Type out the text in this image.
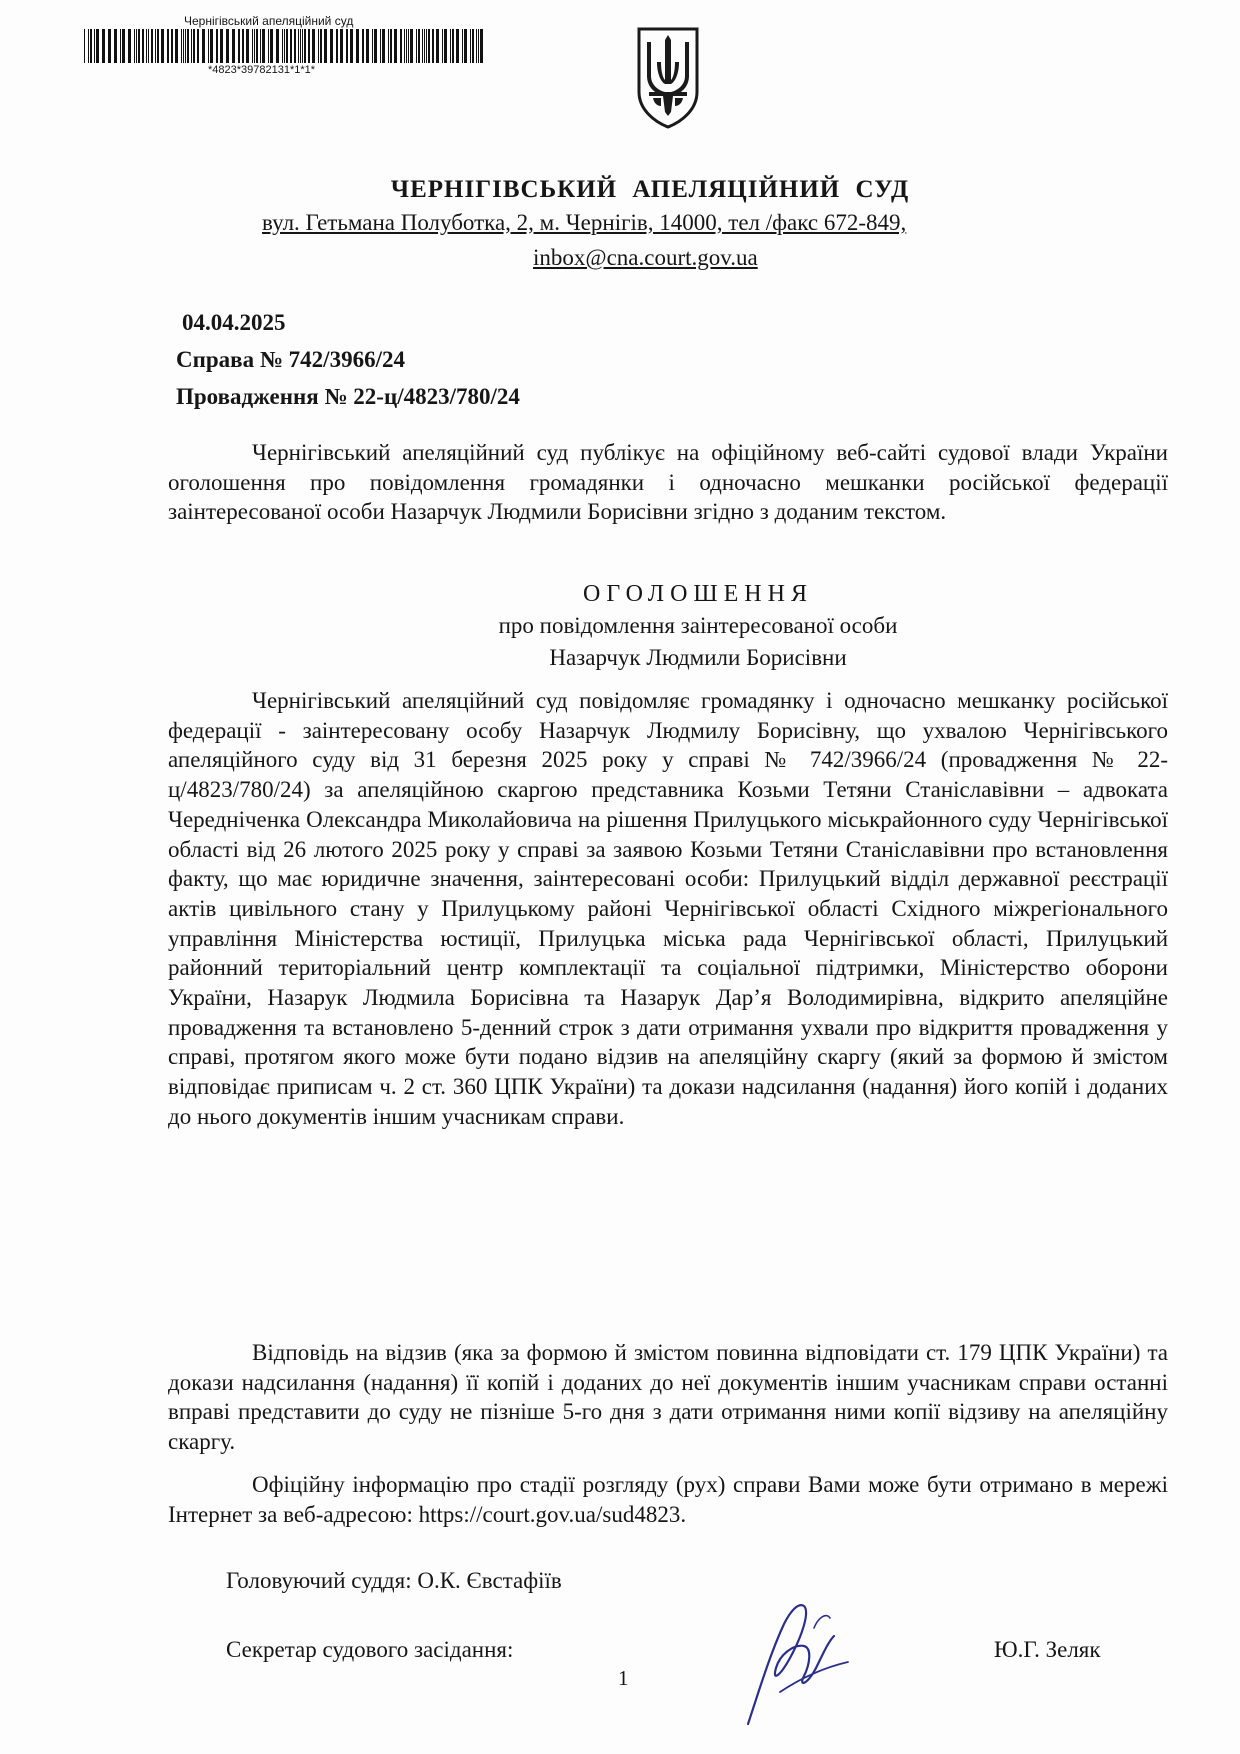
Чернігівський апеляційний суд
*4823*39782131*1*1*
ЧЕРНІГІВСЬКИЙ АПЕЛЯЦІЙНИЙ СУД
вул. Гетьмана Полуботка, 2, м. Чернігів, 14000, тел /факс 672-849,
inbox@cna.court.gov.ua
04.04.2025
Справа № 742/3966/24
Провадження № 22-ц/4823/780/24

Чернігівський апеляційний суд публікує на офіційному веб-сайті судової влади України оголошення про повідомлення громадянки і одночасно мешканки російської федерації заінтересованої особи Назарчук Людмили Борисівни згідно з доданим текстом.

ОГОЛОШЕННЯ

про повідомлення заінтересованої особи

Назарчук Людмили Борисівни

Чернігівський апеляційний суд повідомляє громадянку і одночасно мешканку російської федерації - заінтересовану особу Назарчук Людмилу Борисівну, що ухвалою Чернігівського апеляційного суду від 31 березня 2025 року у справі № 742/3966/24 (провадження № 22-ц/4823/780/24) за апеляційною скаргою представника Козьми Тетяни Станіславівни – адвоката Чередніченка Олександра Миколайовича на рішення Прилуцького міськрайонного суду Чернігівської області від 26 лютого 2025 року у справі за заявою Козьми Тетяни Станіславівни про встановлення факту, що має юридичне значення, заінтересовані особи: Прилуцький відділ державної реєстрації актів цивільного стану у Прилуцькому районі Чернігівської області Східного міжрегіонального управління Міністерства юстиції, Прилуцька міська рада Чернігівської області, Прилуцький районний територіальний центр комплектації та соціальної підтримки, Міністерство оборони України, Назарук Людмила Борисівна та Назарук Дар’я Володимирівна, відкрито апеляційне провадження та встановлено 5-денний строк з дати отримання ухвали про відкриття провадження у справі, протягом якого може бути подано відзив на апеляційну скаргу (який за формою й змістом відповідає приписам ч. 2 ст. 360 ЦПК України) та докази надсилання (надання) його копій і доданих до нього документів іншим учасникам справи.

Відповідь на відзив (яка за формою й змістом повинна відповідати ст. 179 ЦПК України) та докази надсилання (надання) її копій і доданих до неї документів іншим учасникам справи останні вправі представити до суду не пізніше 5-го дня з дати отримання ними копії відзиву на апеляційну скаргу.

Офіційну інформацію про стадії розгляду (рух) справи Вами може бути отримано в мережі Інтернет за веб-адресою: https://court.gov.ua/sud4823.

Головуючий суддя: О.К. Євстафіїв
Секретар судового засідання:	Ю.Г. Зеляк
1
